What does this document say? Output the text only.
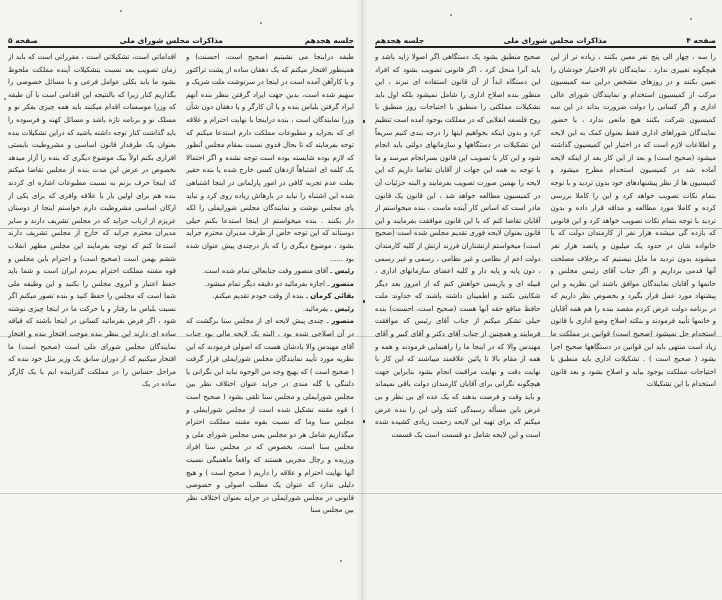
جلسه هجدهم
مذاکرات مجلس شورای ملی
صفحه ۵

طبقه دراینجا می نشینیم (صحیح است، احسنت) و همینطور افتخار میکنم که یک دهقان ساده از پشت تراکتور و یا کارآهن آمده است در اینجا در سرنوشت ملت شریک و سهیم شده است، بدین جهت ایراد گرفتن بنظر بنده آنهم ایراد گرفتن بلباس بنده و یا آن کارگر و یا دهقان دون شأن وزرا نمایندگان است ، بنده دراینجا با نهایت احترام و علاقه ای که بجراید و مطبوعات مملکت دارم استدعا میکنم که توجه بفرمایند که تا بحال قدوی نسبت بمقام مجلس آنطور که لازم بوده شایسته بوده است توجه نشده و اگر احتمالا یک کلمه ای اشتباهاً ازدهان کسی خارج شده یا بنده حقیر بعلت عدم تجربه کافی در امور پارلمانی در اینجا اشتباهی شده این اشتباه را نباید در بارهاش زیاده روی کرد و نباید پای مجلس نوشت و نمایندگان مجلس شورایملی را لکه دار بکنند . بنده میخواستم از اینجا استدعا بکنم خیلی دوستانه که این توجه خاص از طرف مدیران محترم جراید بشود ، موضوع دیگری را که باز درچندی پیش عنوان شده بود ......

رئیس ـ آقای منصور وقت جنابعالی تمام شده است.

منصور ـ اجازه بفرمائید دو دقیقه دیگر تمام میشود.

بقائی کرمان ـ بنده از وقت خودم تقدیم میکنم.

رئیس ـ بفرمائید.

منصور ـ چندی پیش لایحه ای از مجلس سنا برگشت که در آن اصلاحی شده بود ، البته یک لایحه مالی بود جناب آقای مهندس والا یادشان هست که اصولی فرمودند که این نظریه مورد تأیید نمایندگان مجلس شورایملی قرار گرفت ( صحیح است ) که بهیچ وجه من الوجوه نباید این نگرانی یا دلتنگی یا گله مندی در جراید عنوان اختلاف نظر بین مجلس شورایملی و مجلس سنا تلقی بشود ( صحیح است ) قوه مقننه تشکیل شده است از مجلس شورایملی و مجلس سنا وما که نسبت بقوه مقننه مملکت احترام میگذاریم شامل هر دو مجلس یعنی مجلس شورای ملی و مجلس سنا است، بخصوص که در مجلس سنا افراد ورزیده و رجال مجربی هستند که واقعاً ماهمیگی نسبت آنها نهایت احترام و علاقه را داریم ( صحیح است ) و هیچ دلیلی ندارد که عنوان یک مطلب اصولی و خصوصی قانونی در مجلس شورایملی در جراید بعنوان اختلاف نظر بین مجلس سنا

اقداماتی است، تشکیلاتی است ، مقرراتی است که باید از زمان تصویب بعد نسبت بتشکیلات آینده مملکت ملحوظ بشود ما باید بکلی عوامل فرعی و با مسائل خصوصی را بگذاریم کنار زیرا که بالنتیجه این اقدامی است با آن طبقه که وزرا موسسات اقدام میکنند باید همه چیزی بفکر نو و مسلک نو و برنامه تازه باشد و مسائل کهنه و فرسوده را باید گذاشت کنار توجه داشته باشید که دراین تشکیلات بنده بعنوان یک طرفدار قانون اساسی و مشروطیت بایستی اقراری بکنم اولاً بیک موضوع دیگری که بنده را آزار میدهد بخصوص در عرض این مدت بنده از مجلس تقاضا میکنم که اینجا حرف بزنم به نسبت مطبوعات اشاره ای کردند بنده هم برای اولین بار با علاقه وافری که برای یکی از ارکان اساسی مشروطیت دارم خواستم اینجا از دوستان عزیزم از ارباب جراید که در مجلس تشریف دارند و سایر مدیران محترم جراید که خارج از مجلس تشریف دارند استدعا کنم که توجه بفرمایند این مجلس مظهر انقلاب ششم بهمن است (صحیح است) و احترام باین مجلس و قوه مقننه مملکت احترام بمردم ایران است و شما باید حفظ اعتبار و آبروی مجلس را بکنید و این وظیفه ملی شما است که مجلس را حفظ کنید و بنده تصور میکنم اگر نسبت بلباس ما رفتار و یا حرکت ما در اینجا چیزی نوشته شود ، اگر فرض بفرمائید کسانی در اینجا باشند که قیافه ساده ای دارند این بنظر بنده موجب افتخار بنده و افتخار نمایندگان مجلس شورای ملی است (صحیح است) ما افتخار میکنیم که از دوران سابق یک وزیر مثل خود بنده که مراحل حساس را در مملکت گذرانیده ایم با یک کارگر ساده در یک

صفحه ۴
مذاکرات مجلس شورای ملی
جلسه هجدهم

را سه ، چهار الی پنج نفر معین بکنند ، زیاده تر از این هیچگونه تغییری ندارد . نمایندگان تام الاختیار خودشان را تعیین بکنند و در روزهای مشخص دراین سه کمیسیون مرکب از کمیسیون استخدام و نمایندگان شورای عالی اداری و اگر کسانی را دولت ضرورت بداند در این سه کمیسیون شرکت بکنند هیچ مانعی ندارد ، یا حضور نمایندگان شوراهای اداری فقط بعنوان کمک به این لایحه و اطلاعات لازم است که در اختیار این کمیسیون گذاشته میشود (صحیح است) و بعد از این کار بعد از اینکه لایحه آماده شد در کمیسیون استخدام مطرح میشود و کمیسیون ها از نظر پیشنهادهای خود بدون تردید و با توجه بتمام نکات تصویب خواهد کرد و این را کاملا بررسی کرده و کاملا مورد مطالعه و مداقه قرار داده و بدون تردید با توجه بتمام نکات تصویب خواهد کرد و این قانونی که بازده گی میشده هزار نفر از کارمندان دولت که با خانواده شان در حدود یک میلیون و پانصد هزار نفر میشوند بدون تردید ما مایل نیستیم که برخلاف مصلحت آنها قدمی برداریم و اگر جناب آقای رئیس مجلس و خانمها و آقایان نمایندگان موافق باشند این نظریه و این پیشنهاد مورد عمل قرار بگیرد و بخصوص نظر داریم که در برنامه دولت عرض کردم مقصد بنده را هم همه آقایان و خانمها تأیید فرمودند و بنکته اصلاح وضع اداری با قانون استخدام حل نمیشود (صحیح است) قوانین در مملکت ما زیاد است منتهی باید این قوانین در دستگاهها صحیح اجرا بشود ( صحیح است ) . تشکیلات اداری باید منطبق با احتیاجات مملکت بوجود بیاید و اصلاح بشود و بعد قانون استخدام با این تشکیلات

صحیح منطبق بشود یک دستگاهی اگر اصولا زاید باشد و باید آنرا منحل کرد ، اگر قانونی تصویب بشود که افراد این دستگاه ابداً از آن قانون استفاده ای نبرند ، این منظور بنده اصلاح اداری را شامل نمیشود بلکه اول باید تشکیلات مملکتی را منطبق با احتیاجات روز منطبق با روح فلسفه انقلابی که در مملکت بوجود آمده است تنظیم کرد و بدون اینکه بخواهیم اینها را درجه بندی کنیم سریعاً این تشکیلات در دستگاهها و سازمانهای دولتی باید انجام شود و این کار با تصویب این قانون بسرانجام میرسد و ما با توجه به همه این جهات از آقایان تقاضا داریم که این لایحه را بهمین صورت تصویب بفرمایند و البته جزئیات آن در کمیسیون مطالعه خواهد شد ، این قانون یک قانون مادر است که اساس کار آینده ماست ، بنده میخواستم از آقایان تقاضا کنم که با این قانون موافقت بفرمایند و این قانون بعنوان لایحه فوری تقدیم مجلس شده است (صحیح است) میخواستم ارتشتاران فرزند ارتش از کلیه کارمندان دولت اعم از نظامی و غیر نظامی ، رسمی و غیر رسمی ، دون پایه و پایه دار و کلیه اعضای سازمانهای اداری ، قبیله ای و پاریسی خواهش کنم که از امروز بعد دیگر شکایتی نکنند و اطمینان داشته باشند که خداوند ملت حافظ منافع حقه آنها هست (صحیح است، احسنت) بنده خیلی تشکر میکنم از جناب آقای رئیس که موافقت فرمایند و همچنین از جناب آقای دکتر و آقای کبیر و آقای مهندس والا که در اینجا ما را راهنمایی فرمودند و همه و همه از مقام بالا تا پائین علاقمند میباشند که این کار با نهایت دقت و نهایت مراقبت انجام بشود بنابراین جهت هیچگونه نگرانی برای آقایان کارمندان دولت باقی نمیماند و باید وقت و فرصت بدهند که یک عده ای بی نظر و بی غرض باین مسأله رسیدگی کنند ولی این را بنده عرض میکنم که برای تهیه این لایحه زحمت زیادی کشیده شده است و این لایحه شامل دو قسمت است یک قسمت
